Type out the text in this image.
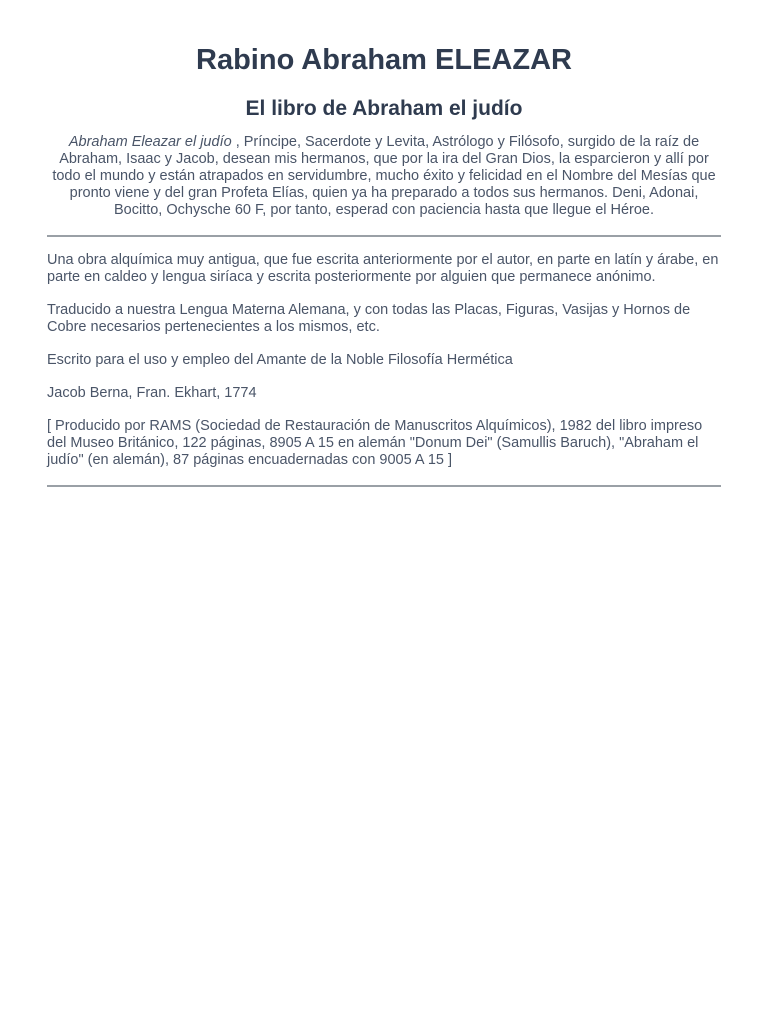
Rabino Abraham ELEAZAR
El libro de Abraham el judío

Abraham Eleazar el judío , Príncipe, Sacerdote y Levita, Astrólogo y Filósofo, surgido de la raíz de Abraham, Isaac y Jacob, desean mis hermanos, que por la ira del Gran Dios, la esparcieron y allí por todo el mundo y están atrapados en servidumbre, mucho éxito y felicidad en el Nombre del Mesías que pronto viene y del gran Profeta Elías, quien ya ha preparado a todos sus hermanos. Deni, Adonai, Bocitto, Ochysche 60 F, por tanto, esperad con paciencia hasta que llegue el Héroe.

Una obra alquímica muy antigua, que fue escrita anteriormente por el autor, en parte en latín y árabe, en parte en caldeo y lengua siríaca y escrita posteriormente por alguien que permanece anónimo.

Traducido a nuestra Lengua Materna Alemana, y con todas las Placas, Figuras, Vasijas y Hornos de Cobre necesarios pertenecientes a los mismos, etc.

Escrito para el uso y empleo del Amante de la Noble Filosofía Hermética

Jacob Berna, Fran. Ekhart, 1774

[ Producido por RAMS (Sociedad de Restauración de Manuscritos Alquímicos), 1982 del libro impreso del Museo Británico, 122 páginas, 8905 A 15 en alemán "Donum Dei" (Samullis Baruch), "Abraham el judío" (en alemán), 87 páginas encuadernadas con 9005 A 15 ]
